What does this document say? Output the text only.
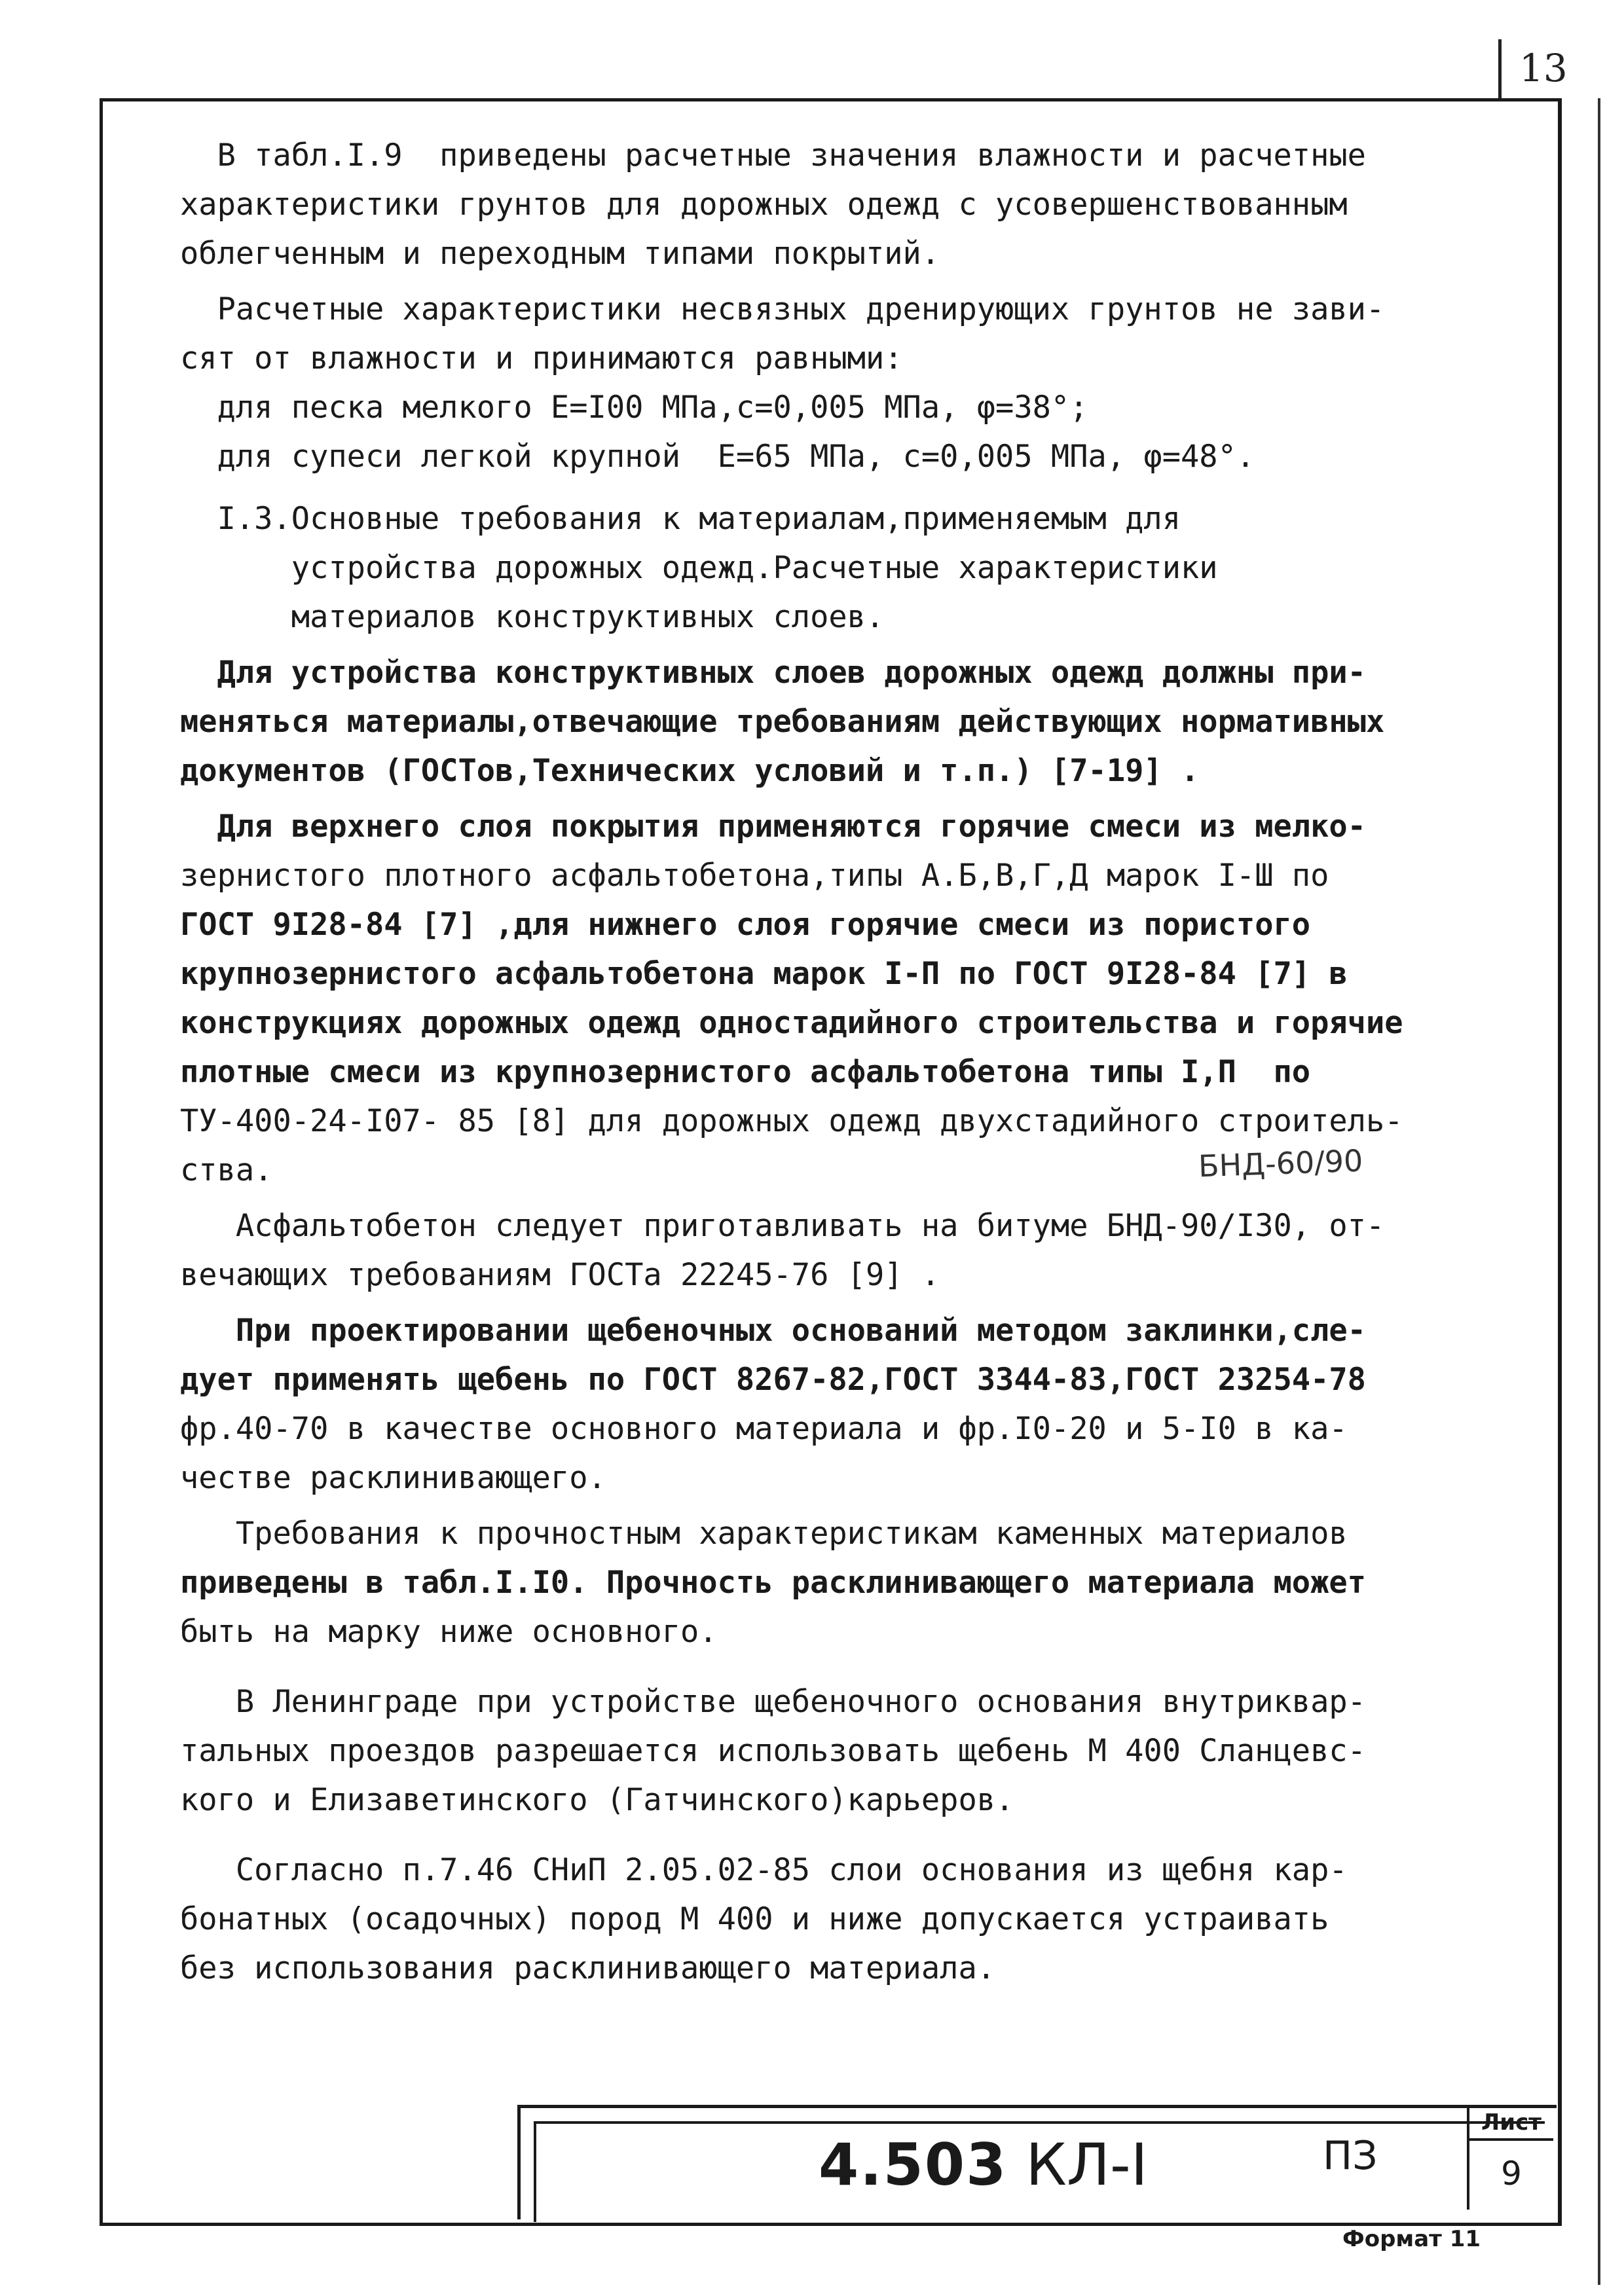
13

В табл.I.9  приведены расчетные значения влажности и расчетные

характеристики грунтов для дорожных одежд с усовершенствованным

облегченным и переходным типами покрытий.

Расчетные характеристики несвязных дренирующих грунтов не зави-

сят от влажности и принимаются равными:

для песка мелкого E=I00 МПа,c=0,005 МПа, φ=38°;

для супеси легкой крупной  E=65 МПа, c=0,005 МПа, φ=48°.

I.3.Основные требования к материалам,применяемым для

устройства дорожных одежд.Расчетные характеристики

материалов конструктивных слоев.

Для устройства конструктивных слоев дорожных одежд должны при-

меняться материалы,отвечающие требованиям действующих нормативных

документов (ГОСТов,Технических условий и т.п.) [7-19] .

Для верхнего слоя покрытия применяются горячие смеси из мелко-

зернистого плотного асфальтобетона,типы А.Б,В,Г,Д марок I-Ш по

ГОСТ 9I28-84 [7] ,для нижнего слоя горячие смеси из пористого

крупнозернистого асфальтобетона марок I-П по ГОСТ 9I28-84 [7] в

конструкциях дорожных одежд одностадийного строительства и горячие

плотные смеси из крупнозернистого асфальтобетона типы I,П  по

ТУ-400-24-I07- 85 [8] для дорожных одежд двухстадийного строитель-

ства.

Асфальтобетон следует приготавливать на битуме БНД-90/I30, от-

вечающих требованиям ГОСТа 22245-76 [9] .

При проектировании щебеночных оснований методом заклинки,сле-

дует применять щебень по ГОСТ 8267-82,ГОСТ 3344-83,ГОСТ 23254-78

фр.40-70 в качестве основного материала и фр.I0-20 и 5-I0 в ка-

честве расклинивающего.

Требования к прочностным характеристикам каменных материалов

приведены в табл.I.I0. Прочность расклинивающего материала может

быть на марку ниже основного.

В Ленинграде при устройстве щебеночного основания внутриквар-

тальных проездов разрешается использовать щебень М 400 Сланцевс-

кого и Елизаветинского (Гатчинского)карьеров.

Согласно п.7.46 СНиП 2.05.02-85 слои основания из щебня кар-

бонатных (осадочных) пород М 400 и ниже допускается устраивать

без использования расклинивающего материала.

БНД-60/90
4.503 КЛ-I	ПЗ
Лист
9
Формат 11
